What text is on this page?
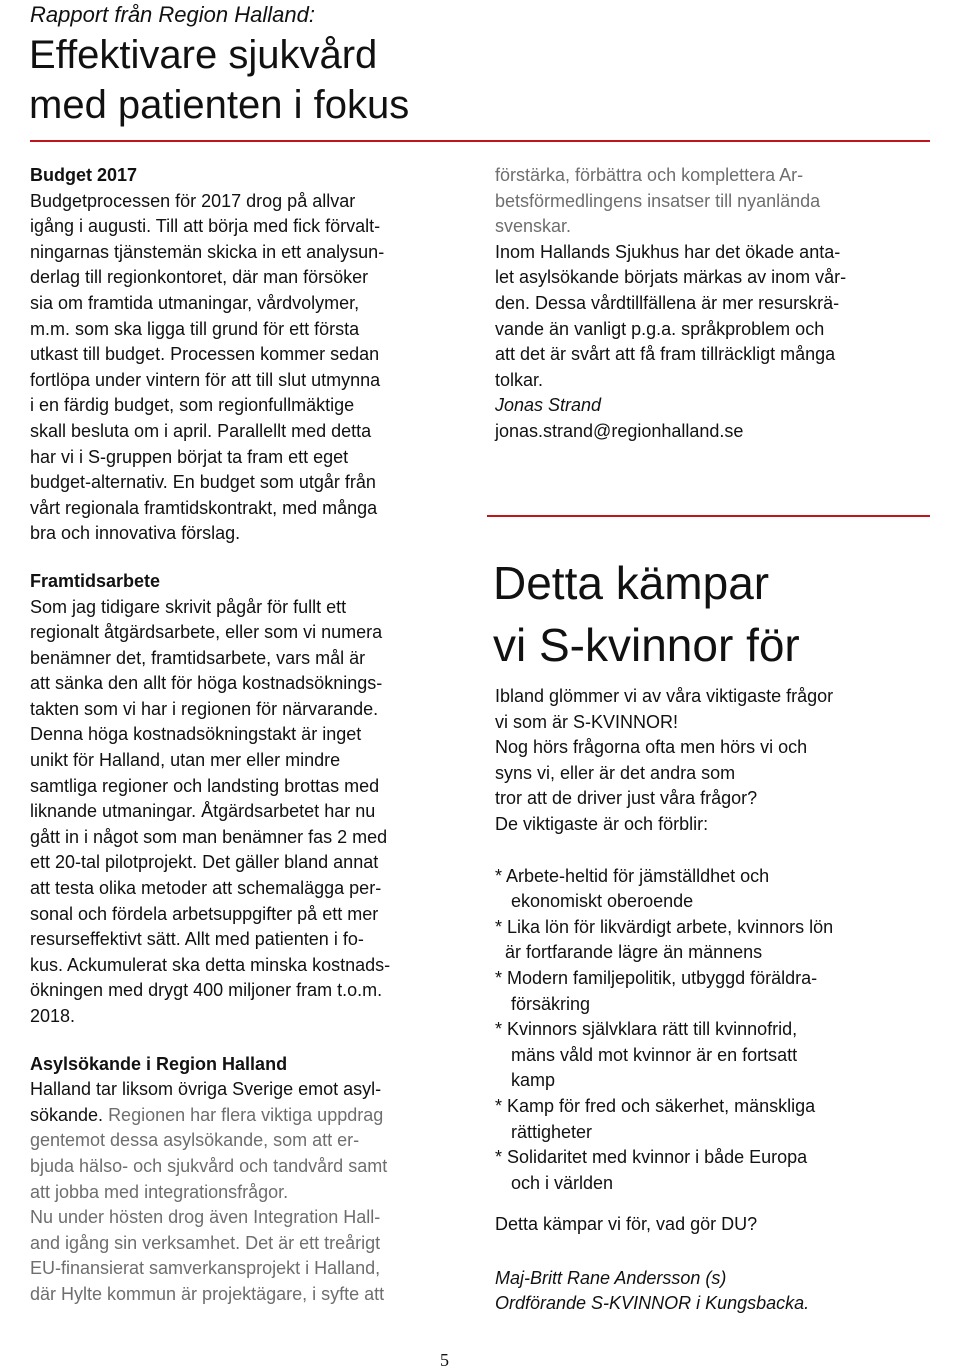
Rapport från Region Halland:
Effektivare sjukvård
med patienten i fokus
Budget 2017

Budgetprocessen för 2017 drog på allvar
igång i augusti. Till att börja med fick förvalt-
ningarnas tjänstemän skicka in ett analysun-
derlag till regionkontoret, där man försöker
sia om framtida utmaningar, vårdvolymer,
m.m. som ska ligga till grund för ett första
utkast till budget. Processen kommer sedan
fortlöpa under vintern för att till slut utmynna
i en färdig budget, som regionfullmäktige
skall besluta om i april. Parallellt med detta
har vi i S-gruppen börjat ta fram ett eget
budget-alternativ. En budget som utgår från
vårt regionala framtidskontrakt, med många
bra och innovativa förslag.

Framtidsarbete

Som jag tidigare skrivit pågår för fullt ett
regionalt åtgärdsarbete, eller som vi numera
benämner det, framtidsarbete, vars mål är
att sänka den allt för höga kostnadsöknings-
takten som vi har i regionen för närvarande.
Denna höga kostnadsökningstakt är inget
unikt för Halland, utan mer eller mindre
samtliga regioner och landsting brottas med
liknande utmaningar. Åtgärdsarbetet har nu
gått in i något som man benämner fas 2 med
ett 20-tal pilotprojekt. Det gäller bland annat
att testa olika metoder att schemalägga per-
sonal och fördela arbetsuppgifter på ett mer
resurseffektivt sätt. Allt med patienten i fo-
kus. Ackumulerat ska detta minska kostnads-
ökningen med drygt 400 miljoner fram t.o.m.
2018.

Asylsökande i Region Halland

Halland tar liksom övriga Sverige emot asyl-
sökande. Regionen har flera viktiga uppdrag
gentemot dessa asylsökande, som att er-
bjuda hälso- och sjukvård och tandvård samt
att jobba med integrationsfrågor.
Nu under hösten drog även Integration Hall-
and igång sin verksamhet. Det är ett treårigt
EU-finansierat samverkansprojekt i Halland,
där Hylte kommun är projektägare, i syfte att

förstärka, förbättra och komplettera Ar-
betsförmedlingens insatser till nyanlända
svenskar.
Inom Hallands Sjukhus har det ökade anta-
let asylsökande börjats märkas av inom vår-
den. Dessa vårdtillfällena är mer resurskrä-
vande än vanligt p.g.a. språkproblem och
att det är svårt att få fram tillräckligt många
tolkar.
Jonas Strand
jonas.strand@regionhalland.se

Detta kämpar
vi S-kvinnor för

Ibland glömmer vi av våra viktigaste frågor
vi som är S-KVINNOR!
Nog hörs frågorna ofta men hörs vi och
syns vi, eller är det andra som
tror att de driver just våra frågor?
De viktigaste är och förblir:

* Arbete-heltid för jämställdhet och
ekonomiskt oberoende
* Lika lön för likvärdigt arbete, kvinnors lön
är fortfarande lägre än männens
* Modern familjepolitik, utbyggd föräldra-
försäkring
* Kvinnors självklara rätt till kvinnofrid,
mäns våld mot kvinnor är en fortsatt
kamp
* Kamp för fred och säkerhet, mänskliga
rättigheter
* Solidaritet med kvinnor i både Europa
och i världen
Detta kämpar vi för, vad gör DU?
Maj-Britt Rane Andersson (s)
Ordförande S-KVINNOR i Kungsbacka.
5
